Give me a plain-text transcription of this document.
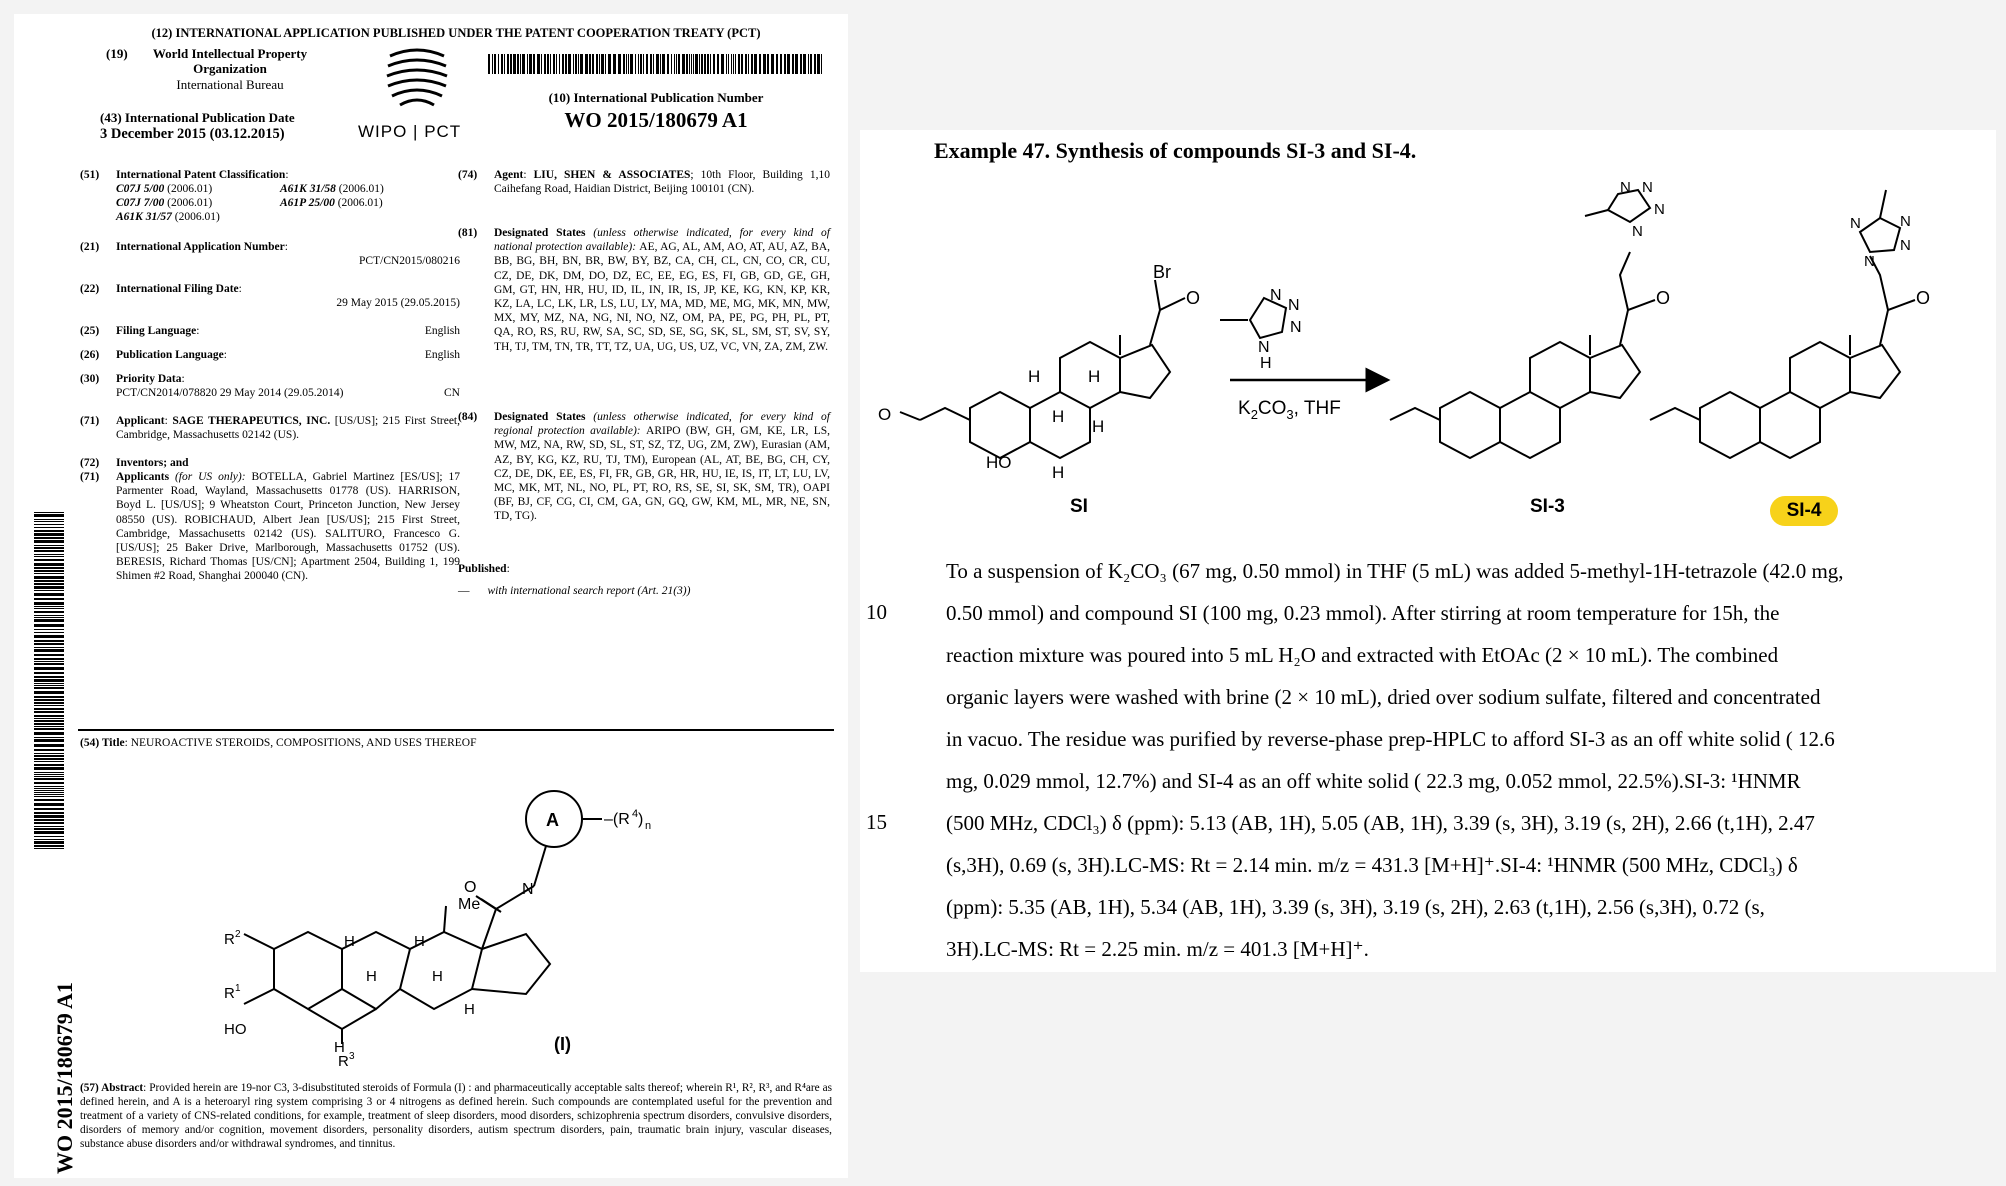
(12) INTERNATIONAL APPLICATION PUBLISHED UNDER THE PATENT COOPERATION TREATY (PCT)
(19)	World Intellectual Property
Organization
International Bureau
(43) International Publication Date
3 December 2015 (03.12.2015)	WIPO | PCT
(10) International Publication Number
WO 2015/180679 A1
WO 2015/180679 A1
(51) International Patent Classification:
C07J 5/00 (2006.01)	A61K 31/58 (2006.01)
C07J 7/00 (2006.01)	A61P 25/00 (2006.01)
A61K 31/57 (2006.01)
(21) International Application Number:
PCT/CN2015/080216
(22) International Filing Date:
29 May 2015 (29.05.2015)
(25) Filing Language:	English
(26) Publication Language:	English
(30) Priority Data:
PCT/CN2014/078820 29 May 2014 (29.05.2014)	CN
(71) Applicant: SAGE THERAPEUTICS, INC. [US/US]; 215 First Street, Cambridge, Massachusetts 02142 (US).
(72) Inventors; and
(71) Applicants (for US only): BOTELLA, Gabriel Martinez [ES/US]; 17 Parmenter Road, Wayland, Massachusetts 01778 (US). HARRISON, Boyd L. [US/US]; 9 Wheatston Court, Princeton Junction, New Jersey 08550 (US). ROBICHAUD, Albert Jean [US/US]; 215 First Street, Cambridge, Massachusetts 02142 (US). SALITURO, Francesco G. [US/US]; 25 Baker Drive, Marlborough, Massachusetts 01752 (US). BERESIS, Richard Thomas [US/CN]; Apartment 2504, Building 1, 199 Shimen #2 Road, Shanghai 200040 (CN).
(74) Agent: LIU, SHEN & ASSOCIATES; 10th Floor, Building 1,10 Caihefang Road, Haidian District, Beijing 100101 (CN).
(81) Designated States (unless otherwise indicated, for every kind of national protection available): AE, AG, AL, AM, AO, AT, AU, AZ, BA, BB, BG, BH, BN, BR, BW, BY, BZ, CA, CH, CL, CN, CO, CR, CU, CZ, DE, DK, DM, DO, DZ, EC, EE, EG, ES, FI, GB, GD, GE, GH, GM, GT, HN, HR, HU, ID, IL, IN, IR, IS, JP, KE, KG, KN, KP, KR, KZ, LA, LC, LK, LR, LS, LU, LY, MA, MD, ME, MG, MK, MN, MW, MX, MY, MZ, NA, NG, NI, NO, NZ, OM, PA, PE, PG, PH, PL, PT, QA, RO, RS, RU, RW, SA, SC, SD, SE, SG, SK, SL, SM, ST, SV, SY, TH, TJ, TM, TN, TR, TT, TZ, UA, UG, US, UZ, VC, VN, ZA, ZM, ZW.
(84) Designated States (unless otherwise indicated, for every kind of regional protection available): ARIPO (BW, GH, GM, KE, LR, LS, MW, MZ, NA, RW, SD, SL, ST, SZ, TZ, UG, ZM, ZW), Eurasian (AM, AZ, BY, KG, KZ, RU, TJ, TM), European (AL, AT, BE, BG, CH, CY, CZ, DE, DK, EE, ES, FI, FR, GB, GR, HR, HU, IE, IS, IT, LT, LU, LV, MC, MK, MT, NL, NO, PL, PT, RO, RS, SE, SI, SK, SM, TR), OAPI (BF, BJ, CF, CG, CI, CM, GA, GN, GQ, GW, KM, ML, MR, NE, SN, TD, TG).
Published:
— with international search report (Art. 21(3))
(54) Title: NEUROACTIVE STEROIDS, COMPOSITIONS, AND USES THEREOF
A	–(R 4 ) n
N
O
Me
H	H
H	H
H
R 2
R 1
HO
H
R 3
(I)
(57) Abstract: Provided herein are 19-nor C3, 3-disubstituted steroids of Formula (I) : and pharmaceutically acceptable salts thereof; wherein R¹, R², R³, and R⁴are as defined herein, and A is a heteroaryl ring system comprising 3 or 4 nitrogens as defined herein. Such compounds are contemplated useful for the prevention and treatment of a variety of CNS-related conditions, for example, treatment of sleep disorders, mood disorders, schizophrenia spectrum disorders, convulsive disorders, disorders of memory and/or cognition, movement disorders, personality disorders, autism spectrum disorders, pain, traumatic brain injury, vascular diseases, substance abuse disorders and/or withdrawal syndromes, and tinnitus.
Example 47. Synthesis of compounds SI-3 and SI-4.
Br
O
H	H
H
H
H
HO
O
N
N
N
N
H
$K_2CO_3$, THF
O
N N
N
N
O
N	N
N
N
SI	SI-3	SI-4
To a suspension of K₂CO₃ (67 mg, 0.50 mmol) in THF (5 mL) was added 5-methyl-1H-tetrazole (42.0 mg,
0.50 mmol) and compound SI (100 mg, 0.23 mmol). After stirring at room temperature for 15h, the
reaction mixture was poured into 5 mL H₂O and extracted with EtOAc (2 × 10 mL). The combined
organic layers were washed with brine (2 × 10 mL), dried over sodium sulfate, filtered and concentrated
in vacuo. The residue was purified by reverse-phase prep-HPLC to afford SI-3 as an off white solid ( 12.6
mg, 0.029 mmol, 12.7%) and SI-4 as an off white solid ( 22.3 mg, 0.052 mmol, 22.5%).SI-3: ¹HNMR
(500 MHz, CDCl₃) δ (ppm): 5.13 (AB, 1H), 5.05 (AB, 1H), 3.39 (s, 3H), 3.19 (s, 2H), 2.66 (t,1H), 2.47
(s,3H), 0.69 (s, 3H).LC-MS: Rt = 2.14 min. m/z = 431.3 [M+H]⁺.SI-4: ¹HNMR (500 MHz, CDCl₃) δ
(ppm): 5.35 (AB, 1H), 5.34 (AB, 1H), 3.39 (s, 3H), 3.19 (s, 2H), 2.63 (t,1H), 2.56 (s,3H), 0.72 (s,
3H).LC-MS: Rt = 2.25 min. m/z = 401.3 [M+H]⁺.
10
15
